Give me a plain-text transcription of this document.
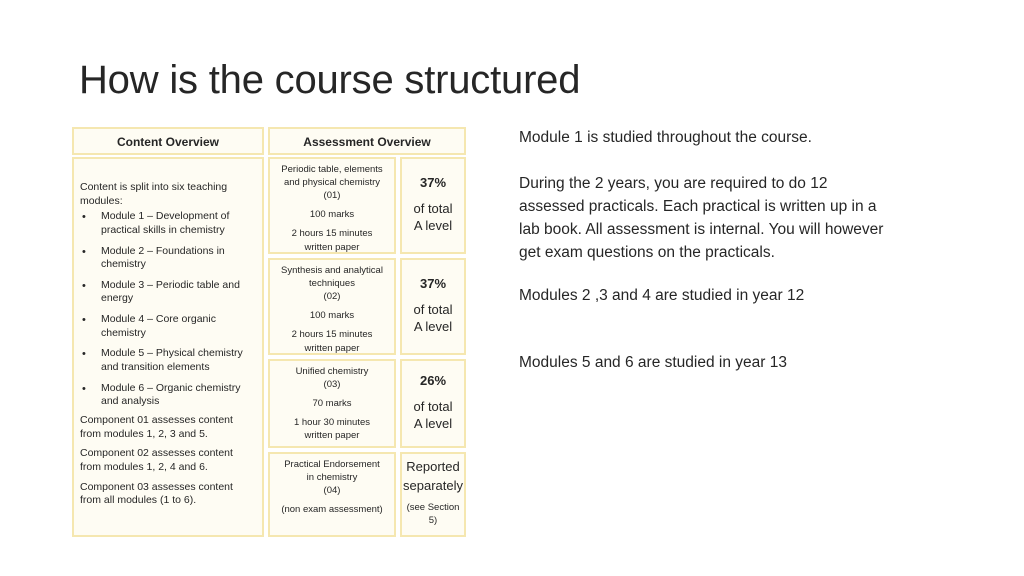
How is the course structured
Content Overview	Assessment Overview

Content is split into six teaching modules:

• Module 1 – Development of practical skills in chemistry
• Module 2 – Foundations in chemistry
• Module 3 – Periodic table and energy
• Module 4 – Core organic chemistry
• Module 5 – Physical chemistry and transition elements
• Module 6 – Organic chemistry and analysis

Component 01 assesses content from modules 1, 2, 3 and 5.

Component 02 assesses content from modules 1, 2, 4 and 6.

Component 03 assesses content from all modules (1 to 6).

Periodic table, elements and physical chemistry
(01)
100 marks
2 hours 15 minutes
written paper
37%
of total
A level
Synthesis and analytical techniques
(02)
100 marks
2 hours 15 minutes
written paper
37%
of total
A level
Unified chemistry
(03)
70 marks
1 hour 30 minutes
written paper
26%
of total
A level
Practical Endorsement in chemistry
(04)
(non exam assessment)
Reported separately
(see Section 5)

Module 1 is studied throughout the course.

During the 2 years, you are required to do 12 assessed practicals. Each practical is written up in a lab book. All assessment is internal. You will however get exam questions on the practicals.

Modules 2 ,3 and 4 are studied in year 12

Modules 5 and 6 are studied in year 13
